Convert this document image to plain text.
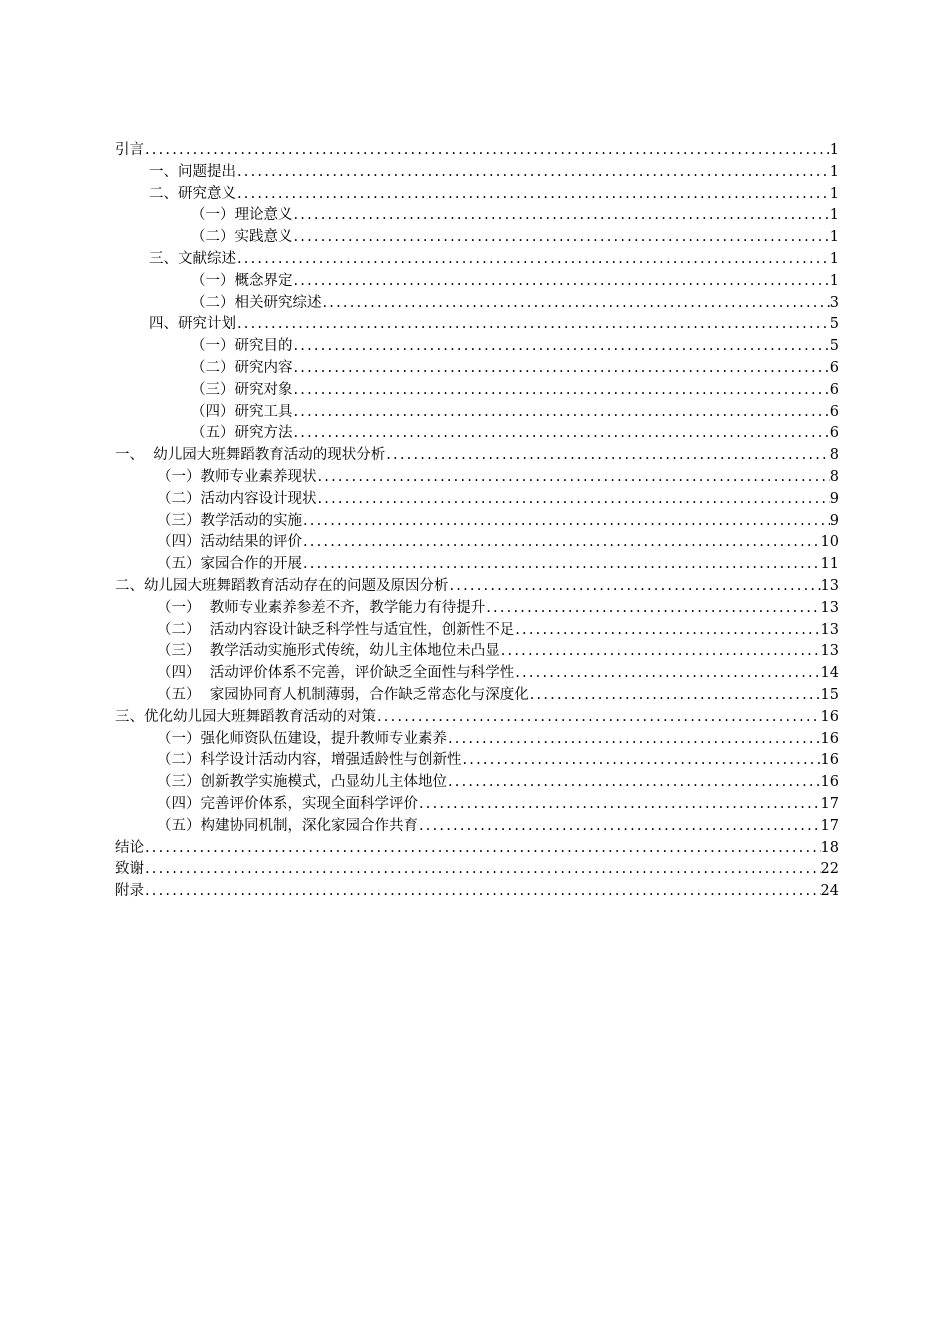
引言 .....	1
一、问题提出 .....	1
二、研究意义 .....	1
（一）理论意义 .....	1
（二）实践意义 .....	1
三、文献综述 .....	1
（一）概念界定 .....	1
（二）相关研究综述 .....	3
四、研究计划 .....	5
（一）研究目的 .....	5
（二）研究内容 .....	6
（三）研究对象 .....	6
（四）研究工具 .....	6
（五）研究方法 .....	6
一、  幼儿园大班舞蹈教育活动的现状分析 .....	8
（一）教师专业素养现状 .....	8
（二）活动内容设计现状 .....	9
（三）教学活动的实施 .....	9
（四）活动结果的评价 .....	10
（五）家园合作的开展 .....	11
二、幼儿园大班舞蹈教育活动存在的问题及原因分析 .....	13
（一）  教师专业素养参差不齐，教学能力有待提升 .....	13
（二）  活动内容设计缺乏科学性与适宜性，创新性不足 .....	13
（三）  教学活动实施形式传统，幼儿主体地位未凸显 .....	13
（四）  活动评价体系不完善，评价缺乏全面性与科学性 .....	14
（五）  家园协同育人机制薄弱，合作缺乏常态化与深度化 .....	15
三、优化幼儿园大班舞蹈教育活动的对策 .....	16
（一）强化师资队伍建设，提升教师专业素养 .....	16
（二）科学设计活动内容，增强适龄性与创新性 .....	16
（三）创新教学实施模式，凸显幼儿主体地位 .....	16
（四）完善评价体系，实现全面科学评价 .....	17
（五）构建协同机制，深化家园合作共育 .....	17
结论 .....	18
致谢 .....	22
附录 .....	24
